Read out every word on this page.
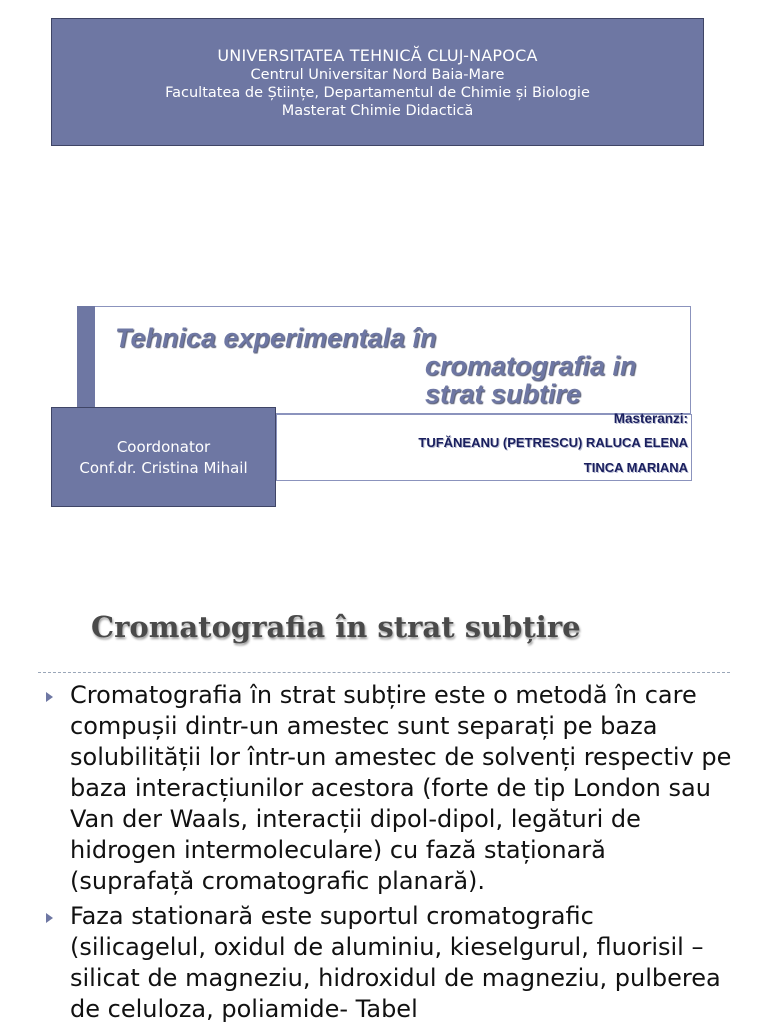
UNIVERSITATEA TEHNICĂ CLUJ-NAPOCA
Centrul Universitar Nord Baia-Mare
Facultatea de Științe, Departamentul de Chimie și Biologie
Masterat Chimie Didactică
Tehnica experimentala în
cromatografia in
strat subtire
Masteranzi:
TUFĂNEANU (PETRESCU) RALUCA ELENA
TINCA MARIANA
Coordonator
Conf.dr. Cristina Mihail
Cromatografia în strat subțire
Cromatografia în strat subțire este o metodă în care compușii dintr-un amestec sunt separați pe baza solubilității lor într-un amestec de solvenți respectiv pe baza interacțiunilor acestora (forte de tip London sau Van der Waals, interacții dipol-dipol, legături de hidrogen intermoleculare) cu fază staționară (suprafață cromatografic planară).
Faza stationară este suportul cromatografic (silicagelul, oxidul de aluminiu, kieselgurul, fluorisil – silicat de magneziu, hidroxidul de magneziu, pulberea de celuloza, poliamide- Tabel
